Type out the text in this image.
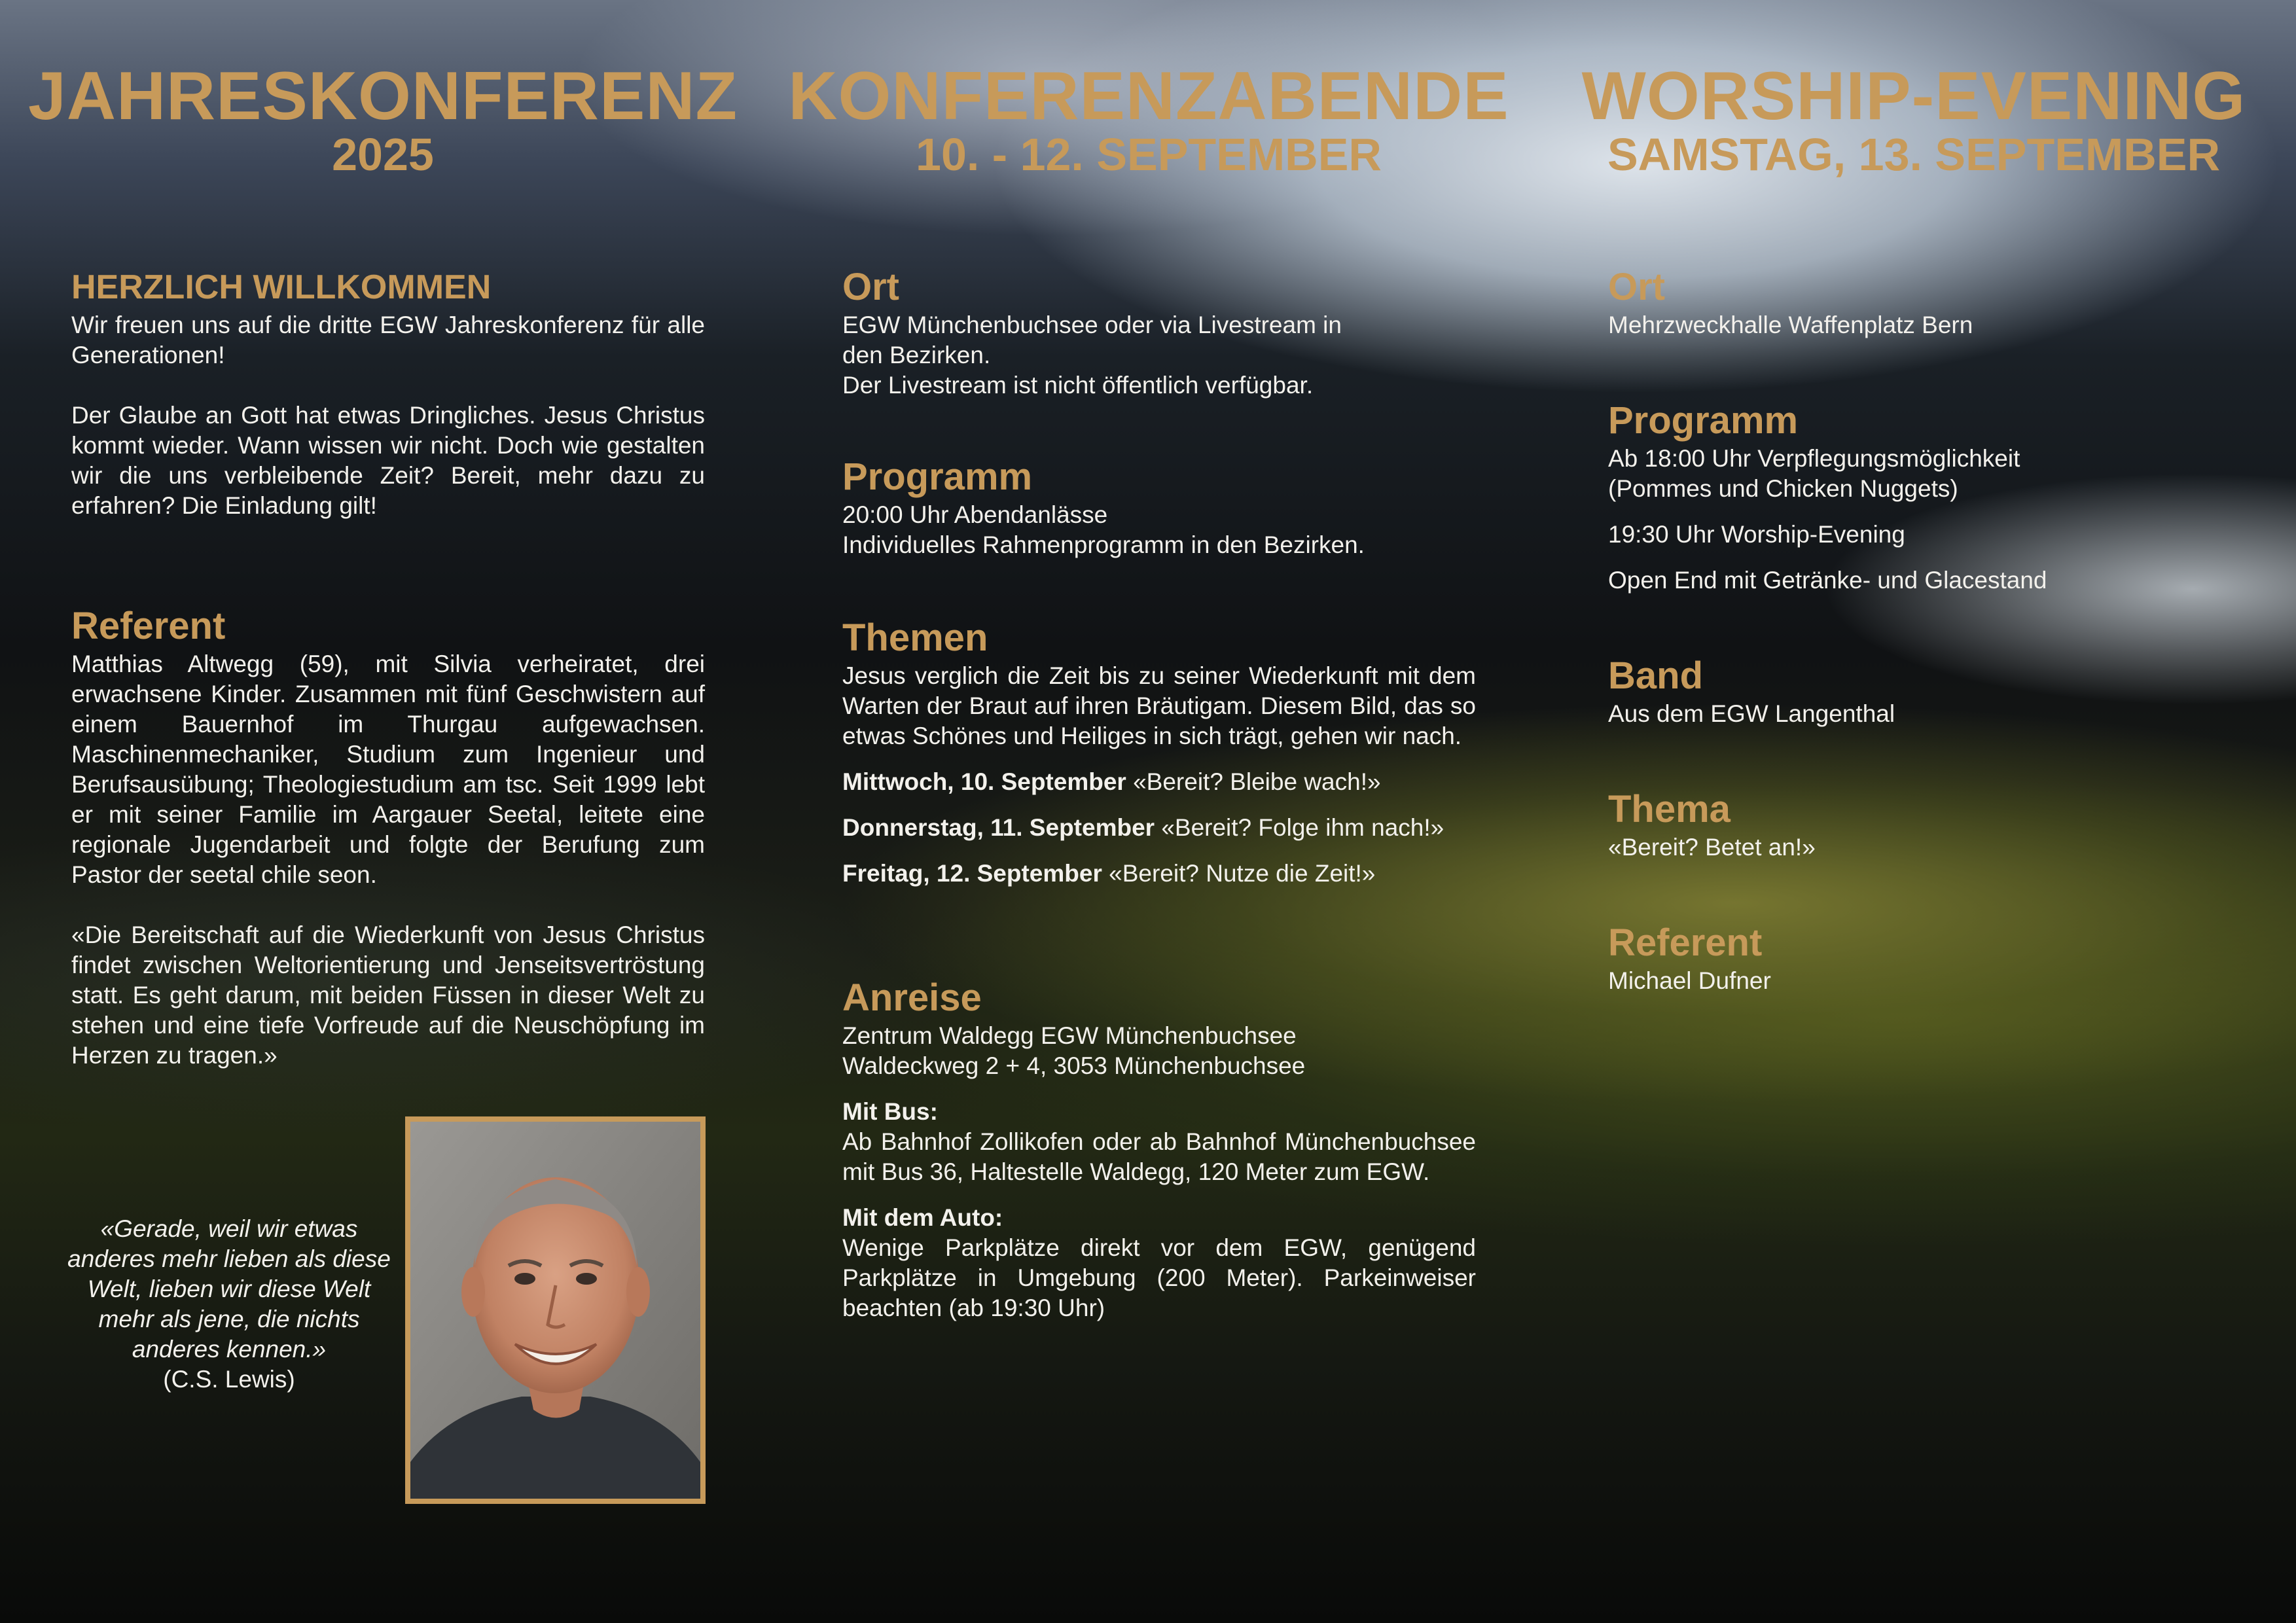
JAHRESKONFERENZ
2025
HERZLICH WILLKOMMEN

Wir freuen uns auf die dritte EGW Jahreskonferenz für alle Generationen!

Der Glaube an Gott hat etwas Dringliches. Jesus Christus kommt wieder. Wann wissen wir nicht. Doch wie gestalten wir die uns verbleibende Zeit? Bereit, mehr dazu zu erfahren? Die Einladung gilt!

Referent

Matthias Altwegg (59), mit Silvia verheiratet, drei erwachsene Kinder. Zusammen mit fünf Geschwistern auf einem Bauernhof im Thurgau aufgewachsen. Maschinenmechaniker, Studium zum Ingenieur und Berufsausübung; Theologiestudium am tsc. Seit 1999 lebt er mit seiner Familie im Aargauer Seetal, leitete eine regionale Jugendarbeit und folgte der Berufung zum Pastor der seetal chile seon.

«Die Bereitschaft auf die Wiederkunft von Jesus Christus findet zwischen Weltorientierung und Jenseitsvertröstung statt. Es geht darum, mit beiden Füssen in dieser Welt zu stehen und eine tiefe Vorfreude auf die Neuschöpfung im Herzen zu tragen.»

«Gerade, weil wir etwas anderes mehr lieben als diese Welt, lieben wir diese Welt mehr als jene, die nichts anderes kennen.»
(C.S. Lewis)
KONFERENZABENDE
10. - 12. SEPTEMBER
Ort
EGW Münchenbuchsee oder via Livestream in
den Bezirken.
Der Livestream ist nicht öffentlich verfügbar.
Programm
20:00 Uhr Abendanlässe
Individuelles Rahmenprogramm in den Bezirken.
Themen

Jesus verglich die Zeit bis zu seiner Wiederkunft mit dem Warten der Braut auf ihren Bräutigam. Diesem Bild, das so etwas Schönes und Heiliges in sich trägt, gehen wir nach.

Mittwoch, 10. September «Bereit? Bleibe wach!»
Donnerstag, 11. September «Bereit? Folge ihm nach!»
Freitag, 12. September «Bereit? Nutze die Zeit!»
Anreise
Zentrum Waldegg EGW Münchenbuchsee
Waldeckweg 2 + 4, 3053 Münchenbuchsee
Mit Bus:

Ab Bahnhof Zollikofen oder ab Bahnhof Münchenbuchsee mit Bus 36, Haltestelle Waldegg, 120 Meter zum EGW.

Mit dem Auto:

Wenige Parkplätze direkt vor dem EGW, genügend Parkplätze in Umgebung (200 Meter). Parkeinweiser beachten (ab 19:30 Uhr)

WORSHIP-EVENING
SAMSTAG, 13. SEPTEMBER
Ort
Mehrzweckhalle Waffenplatz Bern
Programm
Ab 18:00 Uhr Verpflegungsmöglichkeit
(Pommes und Chicken Nuggets)
19:30 Uhr Worship-Evening
Open End mit Getränke- und Glacestand
Band
Aus dem EGW Langenthal
Thema
«Bereit? Betet an!»
Referent
Michael Dufner
